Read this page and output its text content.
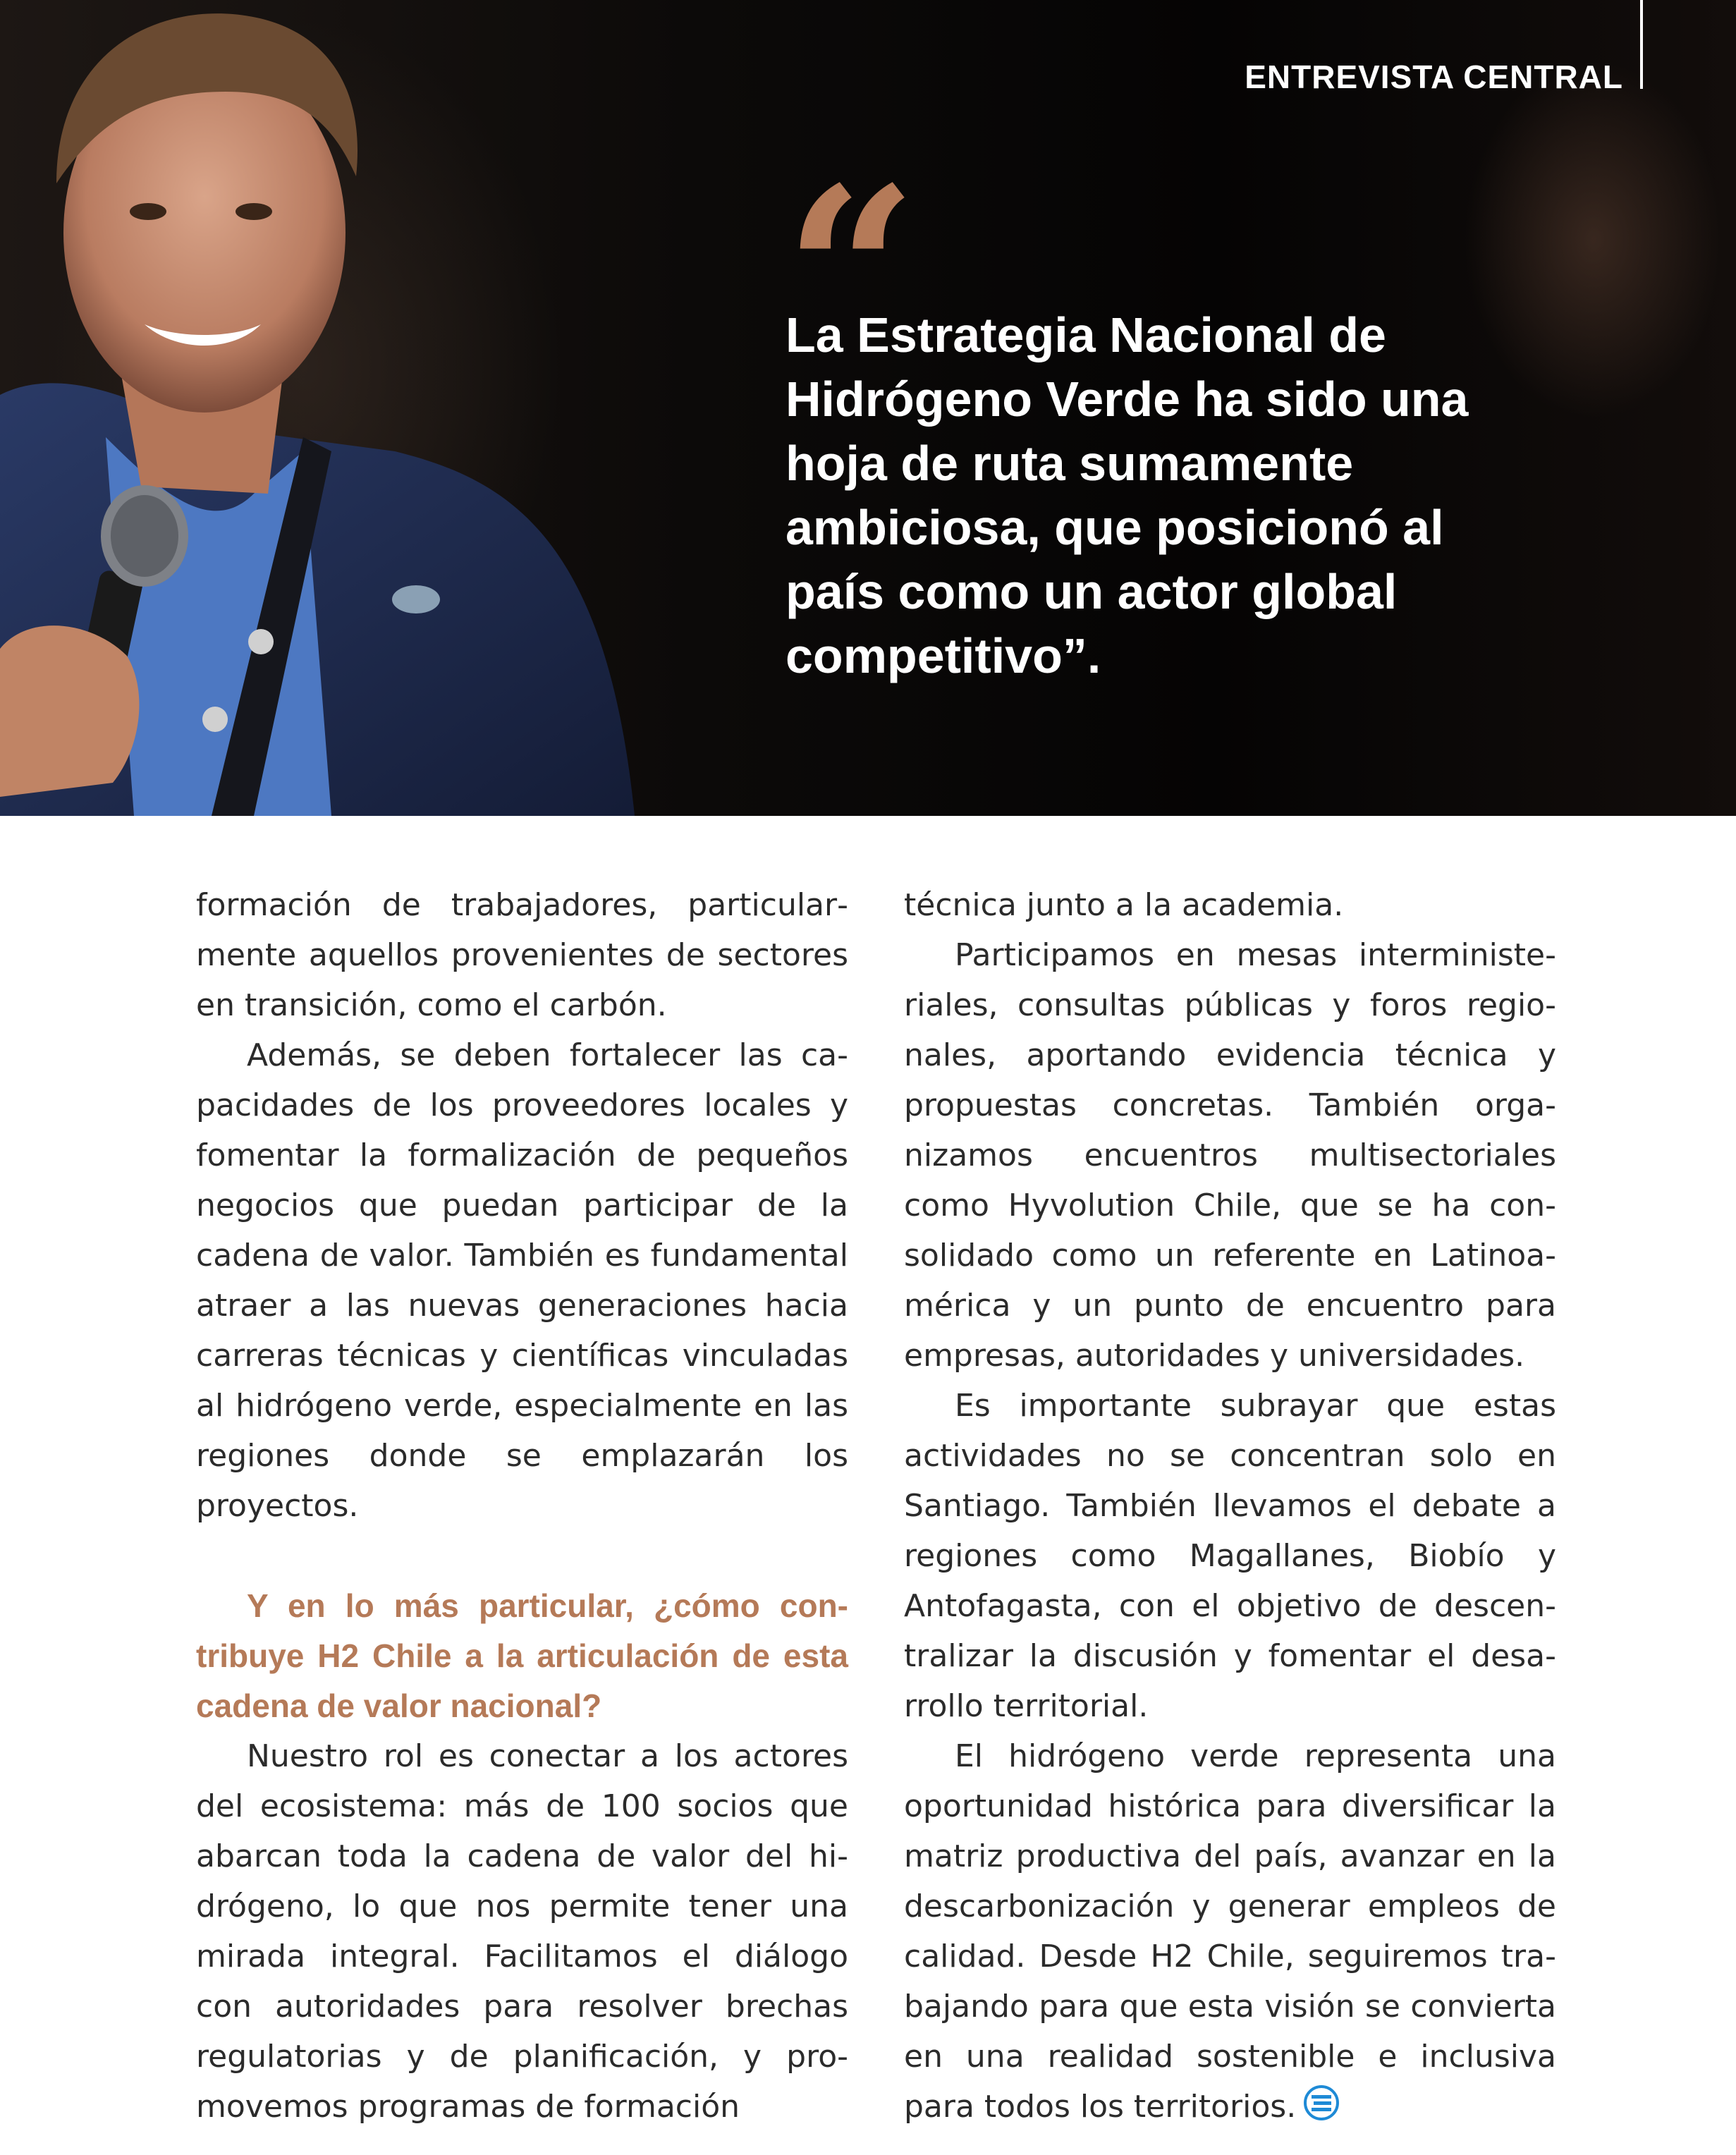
ENTREVISTA CENTRAL
“

La Estrategia Nacional de Hidrógeno Verde ha sido una hoja de ruta sumamente ambiciosa, que posicionó al país como un actor global competitivo”.

formación de trabajadores, particularmente aquellos provenientes de sectores en transición, como el carbón.

Además, se deben fortalecer las capacidades de los proveedores locales y fomentar la formalización de pequeños negocios que puedan participar de la cadena de valor. También es fundamental atraer a las nuevas generaciones hacia carreras técnicas y científicas vinculadas al hidrógeno verde, especialmente en las regiones donde se emplazarán los proyectos.

Y en lo más particular, ¿cómo contribuye H2 Chile a la articulación de esta cadena de valor nacional?

Nuestro rol es conectar a los actores del ecosistema: más de 100 socios que abarcan toda la cadena de valor del hidrógeno, lo que nos permite tener una mirada integral. Facilitamos el diálogo con autoridades para resolver brechas regulatorias y de planificación, y promovemos programas de formación

técnica junto a la academia.

Participamos en mesas interministeriales, consultas públicas y foros regionales, aportando evidencia técnica y propuestas concretas. También organizamos encuentros multisectoriales como Hyvolution Chile, que se ha consolidado como un referente en Latinoamérica y un punto de encuentro para empresas, autoridades y universidades.

Es importante subrayar que estas actividades no se concentran solo en Santiago. También llevamos el debate a regiones como Magallanes, Biobío y Antofagasta, con el objetivo de descentralizar la discusión y fomentar el desarrollo territorial.

El hidrógeno verde representa una oportunidad histórica para diversificar la matriz productiva del país, avanzar en la descarbonización y generar empleos de calidad. Desde H2 Chile, seguiremos trabajando para que esta visión se convierta en una realidad sostenible e inclusiva para todos los territorios.
